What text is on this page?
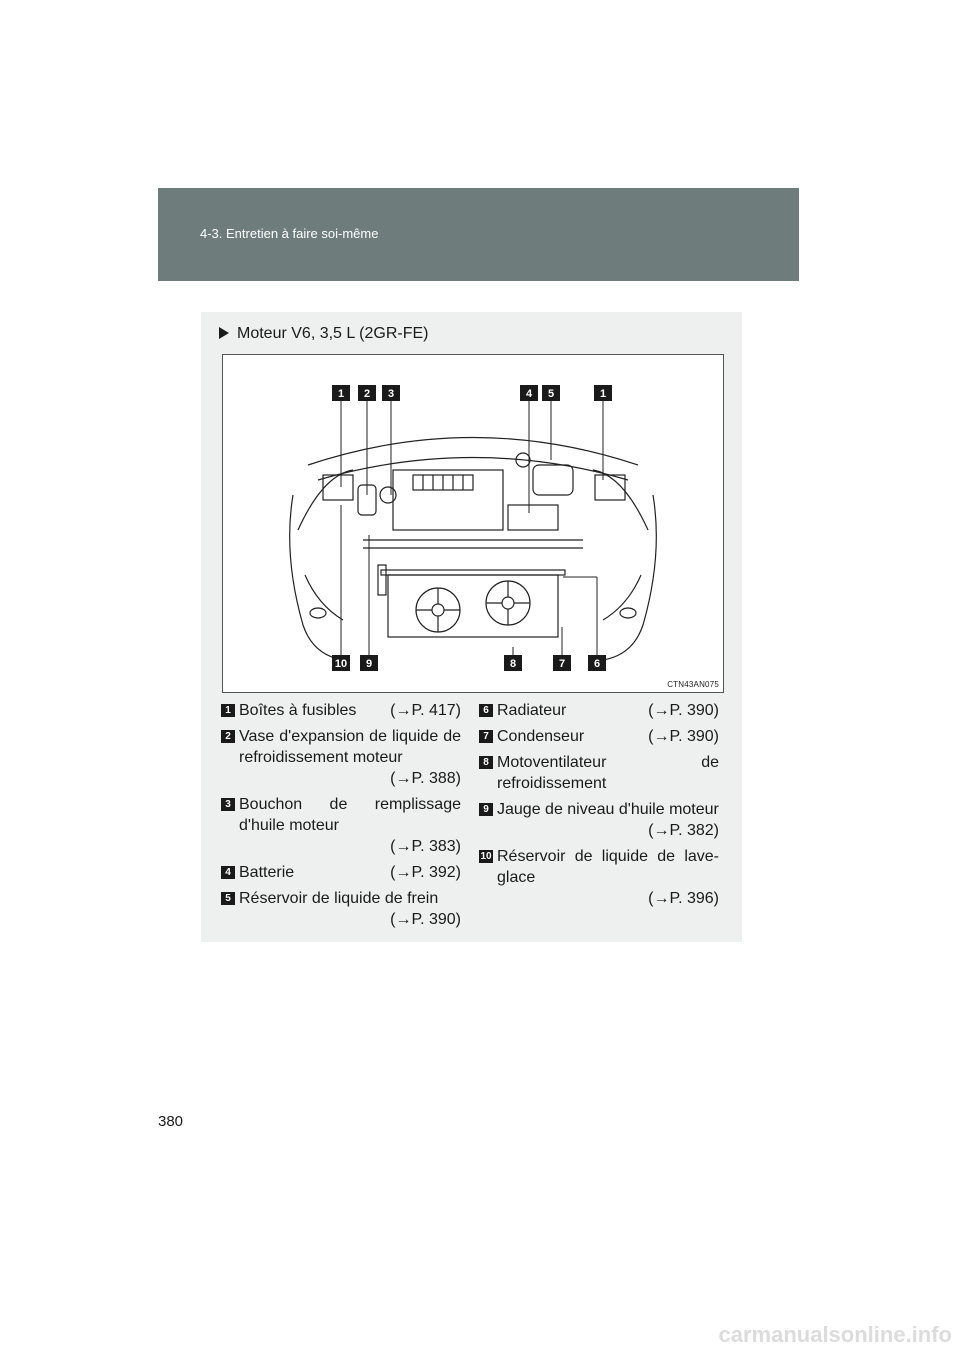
4-3. Entretien à faire soi-même
Moteur V6, 3,5 L (2GR-FE)
1 2 3	4 5	1
10 9	8	7	6
CTN43AN075
1 Boîtes à fusibles (→P. 417)
2 Vase d'expansion de liquide de refroidissement moteur
(→P. 388)
3 Bouchon de remplissage d'huile moteur
(→P. 383)
4 Batterie	(→P. 392)
5 Réservoir de liquide de frein
(→P. 390)
6 Radiateur	(→P. 390)
7 Condenseur	(→P. 390)
8 Motoventilateur de refroidissement
9 Jauge de niveau d'huile moteur
(→P. 382)
10 Réservoir de liquide de lave-glace
(→P. 396)
380
carmanualsonline.info
